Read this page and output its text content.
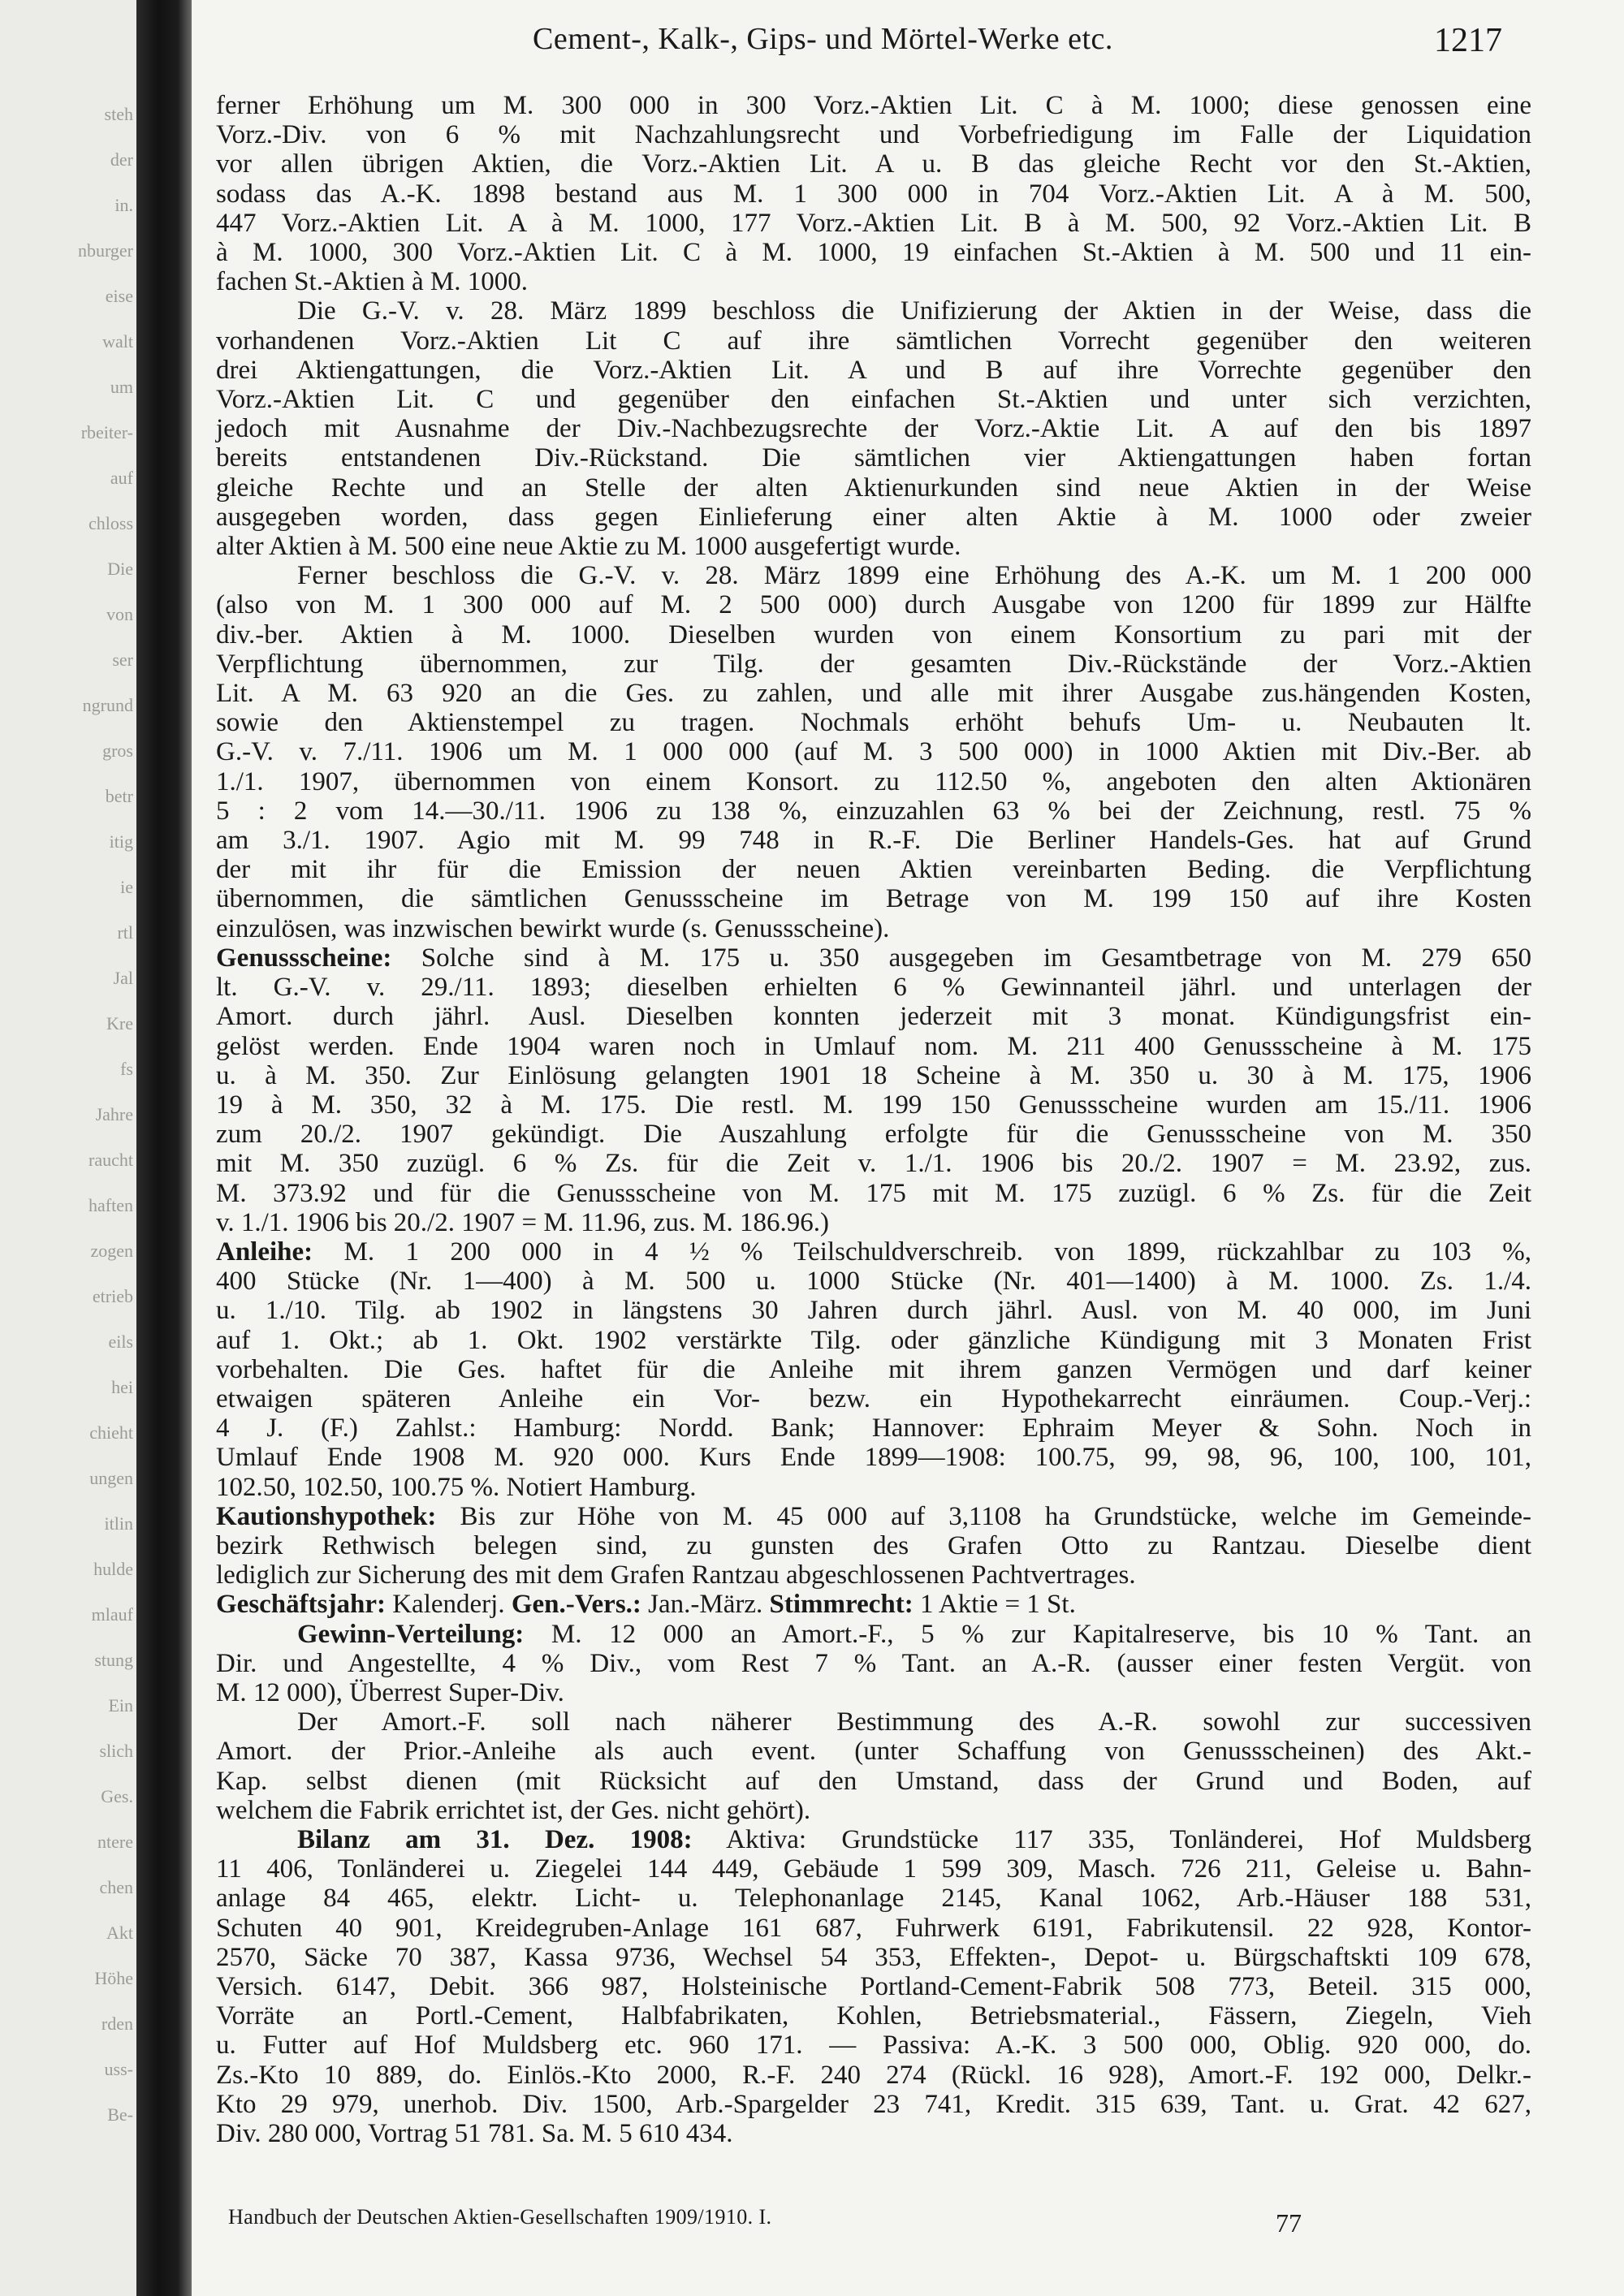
steh
der
in.
nburger
eise
walt
um
rbeiter-
auf
chloss
Die
von
ser
ngrund
gros
betr
itig
ie
rtl
Jal
Kre
fs
Jahre
raucht
haften
zogen
etrieb
eils
hei
chieht
ungen
itlin
hulde
mlauf
stung
Ein
slich
Ges.
ntere
chen
Akt
Höhe
rden
uss-
Be-
Cement-, Kalk-, Gips- und Mörtel-Werke etc.	1217
ferner Erhöhung um M. 300 000 in 300 Vorz.-Aktien Lit. C à M. 1000; diese genossen eine
Vorz.-Div. von 6 % mit Nachzahlungsrecht und Vorbefriedigung im Falle der Liquidation
vor allen übrigen Aktien, die Vorz.-Aktien Lit. A u. B das gleiche Recht vor den St.-Aktien,
sodass das A.-K. 1898 bestand aus M. 1 300 000 in 704 Vorz.-Aktien Lit. A à M. 500,
447 Vorz.-Aktien Lit. A à M. 1000, 177 Vorz.-Aktien Lit. B à M. 500, 92 Vorz.-Aktien Lit. B
à M. 1000, 300 Vorz.-Aktien Lit. C à M. 1000, 19 einfachen St.-Aktien à M. 500 und 11 ein-
fachen St.-Aktien à M. 1000.
Die G.-V. v. 28. März 1899 beschloss die Unifizierung der Aktien in der Weise, dass die
vorhandenen Vorz.-Aktien Lit C auf ihre sämtlichen Vorrecht gegenüber den weiteren
drei Aktiengattungen, die Vorz.-Aktien Lit. A und B auf ihre Vorrechte gegenüber den
Vorz.-Aktien Lit. C und gegenüber den einfachen St.-Aktien und unter sich verzichten,
jedoch mit Ausnahme der Div.-Nachbezugsrechte der Vorz.-Aktie Lit. A auf den bis 1897
bereits entstandenen Div.-Rückstand. Die sämtlichen vier Aktiengattungen haben fortan
gleiche Rechte und an Stelle der alten Aktienurkunden sind neue Aktien in der Weise
ausgegeben worden, dass gegen Einlieferung einer alten Aktie à M. 1000 oder zweier
alter Aktien à M. 500 eine neue Aktie zu M. 1000 ausgefertigt wurde.
Ferner beschloss die G.-V. v. 28. März 1899 eine Erhöhung des A.-K. um M. 1 200 000
(also von M. 1 300 000 auf M. 2 500 000) durch Ausgabe von 1200 für 1899 zur Hälfte
div.-ber. Aktien à M. 1000. Dieselben wurden von einem Konsortium zu pari mit der
Verpflichtung übernommen, zur Tilg. der gesamten Div.-Rückstände der Vorz.-Aktien
Lit. A M. 63 920 an die Ges. zu zahlen, und alle mit ihrer Ausgabe zus.hängenden Kosten,
sowie den Aktienstempel zu tragen. Nochmals erhöht behufs Um- u. Neubauten lt.
G.-V. v. 7./11. 1906 um M. 1 000 000 (auf M. 3 500 000) in 1000 Aktien mit Div.-Ber. ab
1./1. 1907, übernommen von einem Konsort. zu 112.50 %, angeboten den alten Aktionären
5 : 2 vom 14.—30./11. 1906 zu 138 %, einzuzahlen 63 % bei der Zeichnung, restl. 75 %
am 3./1. 1907. Agio mit M. 99 748 in R.-F. Die Berliner Handels-Ges. hat auf Grund
der mit ihr für die Emission der neuen Aktien vereinbarten Beding. die Verpflichtung
übernommen, die sämtlichen Genussscheine im Betrage von M. 199 150 auf ihre Kosten
einzulösen, was inzwischen bewirkt wurde (s. Genussscheine).
Genussscheine: Solche sind à M. 175 u. 350 ausgegeben im Gesamtbetrage von M. 279 650
lt. G.-V. v. 29./11. 1893; dieselben erhielten 6 % Gewinnanteil jährl. und unterlagen der
Amort. durch jährl. Ausl. Dieselben konnten jederzeit mit 3 monat. Kündigungsfrist ein-
gelöst werden. Ende 1904 waren noch in Umlauf nom. M. 211 400 Genussscheine à M. 175
u. à M. 350. Zur Einlösung gelangten 1901 18 Scheine à M. 350 u. 30 à M. 175, 1906
19 à M. 350, 32 à M. 175. Die restl. M. 199 150 Genussscheine wurden am 15./11. 1906
zum 20./2. 1907 gekündigt. Die Auszahlung erfolgte für die Genussscheine von M. 350
mit M. 350 zuzügl. 6 % Zs. für die Zeit v. 1./1. 1906 bis 20./2. 1907 = M. 23.92, zus.
M. 373.92 und für die Genussscheine von M. 175 mit M. 175 zuzügl. 6 % Zs. für die Zeit
v. 1./1. 1906 bis 20./2. 1907 = M. 11.96, zus. M. 186.96.)
Anleihe: M. 1 200 000 in 4 ½ % Teilschuldverschreib. von 1899, rückzahlbar zu 103 %,
400 Stücke (Nr. 1—400) à M. 500 u. 1000 Stücke (Nr. 401—1400) à M. 1000. Zs. 1./4.
u. 1./10. Tilg. ab 1902 in längstens 30 Jahren durch jährl. Ausl. von M. 40 000, im Juni
auf 1. Okt.; ab 1. Okt. 1902 verstärkte Tilg. oder gänzliche Kündigung mit 3 Monaten Frist
vorbehalten. Die Ges. haftet für die Anleihe mit ihrem ganzen Vermögen und darf keiner
etwaigen späteren Anleihe ein Vor- bezw. ein Hypothekarrecht einräumen. Coup.-Verj.:
4 J. (F.) Zahlst.: Hamburg: Nordd. Bank; Hannover: Ephraim Meyer & Sohn. Noch in
Umlauf Ende 1908 M. 920 000. Kurs Ende 1899—1908: 100.75, 99, 98, 96, 100, 100, 101,
102.50, 102.50, 100.75 %. Notiert Hamburg.
Kautionshypothek: Bis zur Höhe von M. 45 000 auf 3,1108 ha Grundstücke, welche im Gemeinde-
bezirk Rethwisch belegen sind, zu gunsten des Grafen Otto zu Rantzau. Dieselbe dient
lediglich zur Sicherung des mit dem Grafen Rantzau abgeschlossenen Pachtvertrages.
Geschäftsjahr: Kalenderj. Gen.-Vers.: Jan.-März. Stimmrecht: 1 Aktie = 1 St.
Gewinn-Verteilung: M. 12 000 an Amort.-F., 5 % zur Kapitalreserve, bis 10 % Tant. an
Dir. und Angestellte, 4 % Div., vom Rest 7 % Tant. an A.-R. (ausser einer festen Vergüt. von
M. 12 000), Überrest Super-Div.
Der Amort.-F. soll nach näherer Bestimmung des A.-R. sowohl zur successiven
Amort. der Prior.-Anleihe als auch event. (unter Schaffung von Genussscheinen) des Akt.-
Kap. selbst dienen (mit Rücksicht auf den Umstand, dass der Grund und Boden, auf
welchem die Fabrik errichtet ist, der Ges. nicht gehört).
Bilanz am 31. Dez. 1908: Aktiva: Grundstücke 117 335, Tonländerei, Hof Muldsberg
11 406, Tonländerei u. Ziegelei 144 449, Gebäude 1 599 309, Masch. 726 211, Geleise u. Bahn-
anlage 84 465, elektr. Licht- u. Telephonanlage 2145, Kanal 1062, Arb.-Häuser 188 531,
Schuten 40 901, Kreidegruben-Anlage 161 687, Fuhrwerk 6191, Fabrikutensil. 22 928, Kontor-
2570, Säcke 70 387, Kassa 9736, Wechsel 54 353, Effekten-, Depot- u. Bürgschaftskti 109 678,
Versich. 6147, Debit. 366 987, Holsteinische Portland-Cement-Fabrik 508 773, Beteil. 315 000,
Vorräte an Portl.-Cement, Halbfabrikaten, Kohlen, Betriebsmaterial., Fässern, Ziegeln, Vieh
u. Futter auf Hof Muldsberg etc. 960 171. — Passiva: A.-K. 3 500 000, Oblig. 920 000, do.
Zs.-Kto 10 889, do. Einlös.-Kto 2000, R.-F. 240 274 (Rückl. 16 928), Amort.-F. 192 000, Delkr.-
Kto 29 979, unerhob. Div. 1500, Arb.-Spargelder 23 741, Kredit. 315 639, Tant. u. Grat. 42 627,
Div. 280 000, Vortrag 51 781. Sa. M. 5 610 434.
Handbuch der Deutschen Aktien-Gesellschaften 1909/1910. I.	77
